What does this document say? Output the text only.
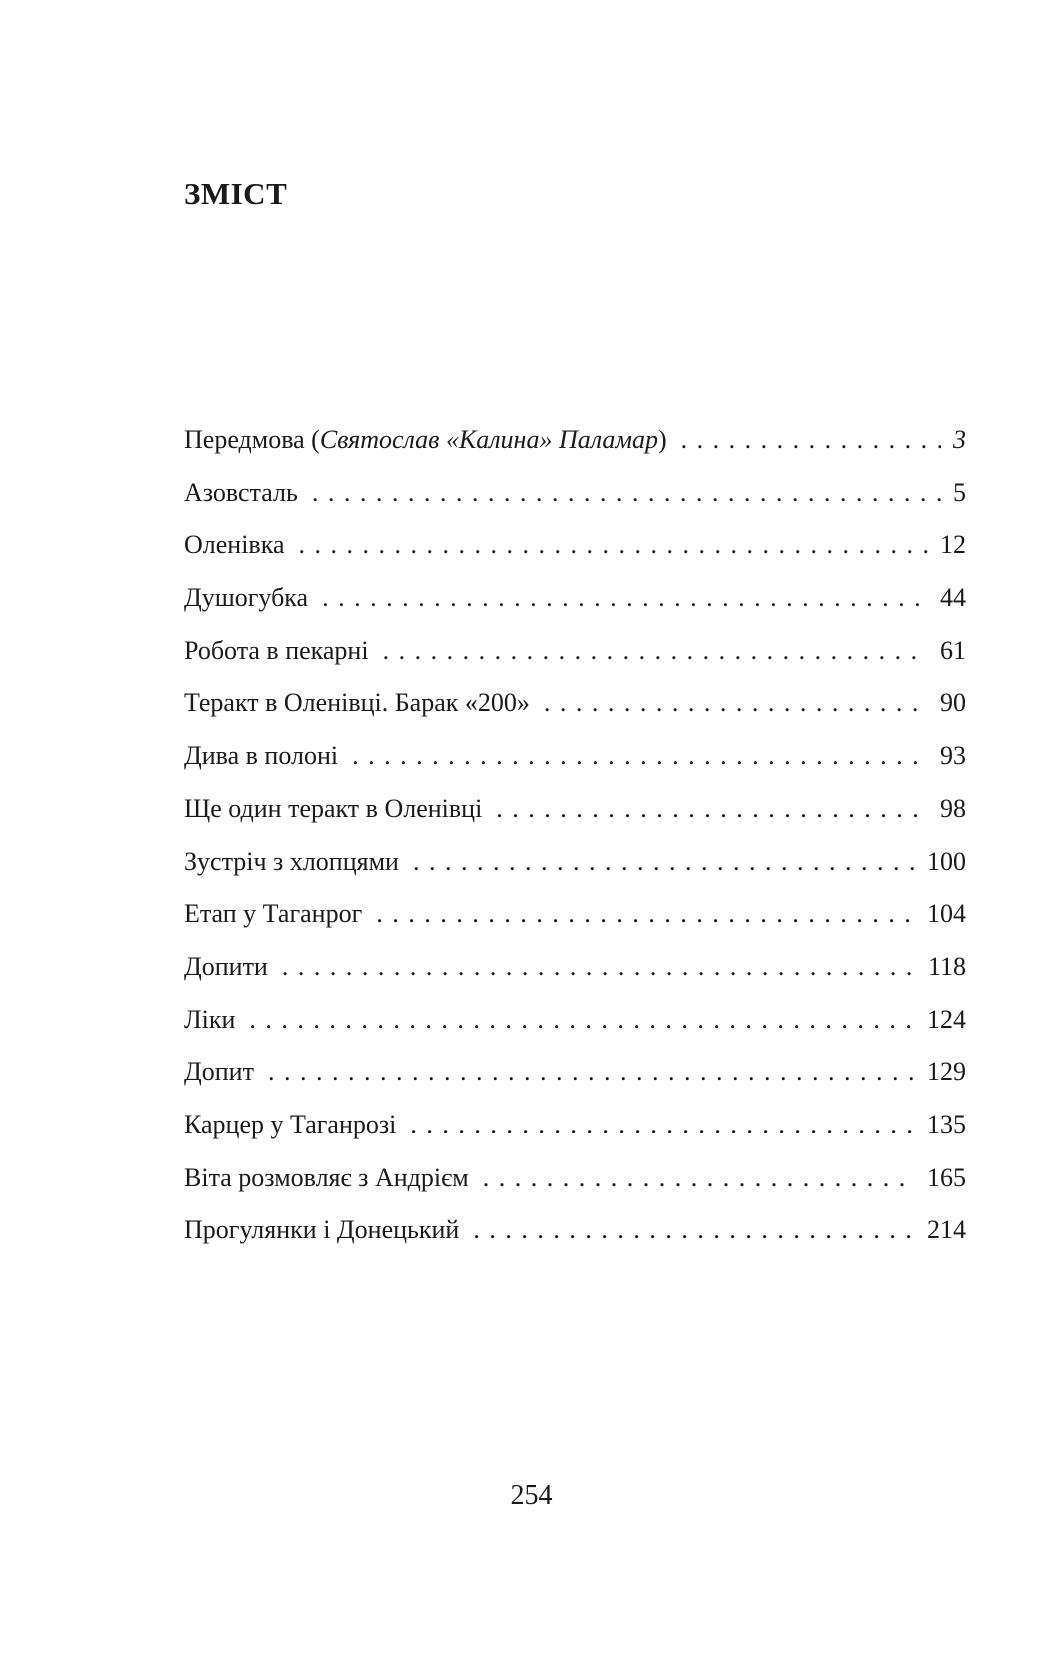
ЗМІСТ
Передмова (Святослав «Калина» Паламар) . . .	3
Азовсталь . . .	5
Оленівка . . .	12
Душогубка . . .	44
Робота в пекарні . . .	61
Теракт в Оленівці. Барак «200» . . .	90
Дива в полоні . . .	93
Ще один теракт в Оленівці . . .	98
Зустріч з хлопцями . . .	100
Етап у Таганрог . . .	104
Допити . . .	118
Ліки . . .	124
Допит . . .	129
Карцер у Таганрозі . . .	135
Віта розмовляє з Андрієм . . .	165
Прогулянки і Донецький . . .	214

254
